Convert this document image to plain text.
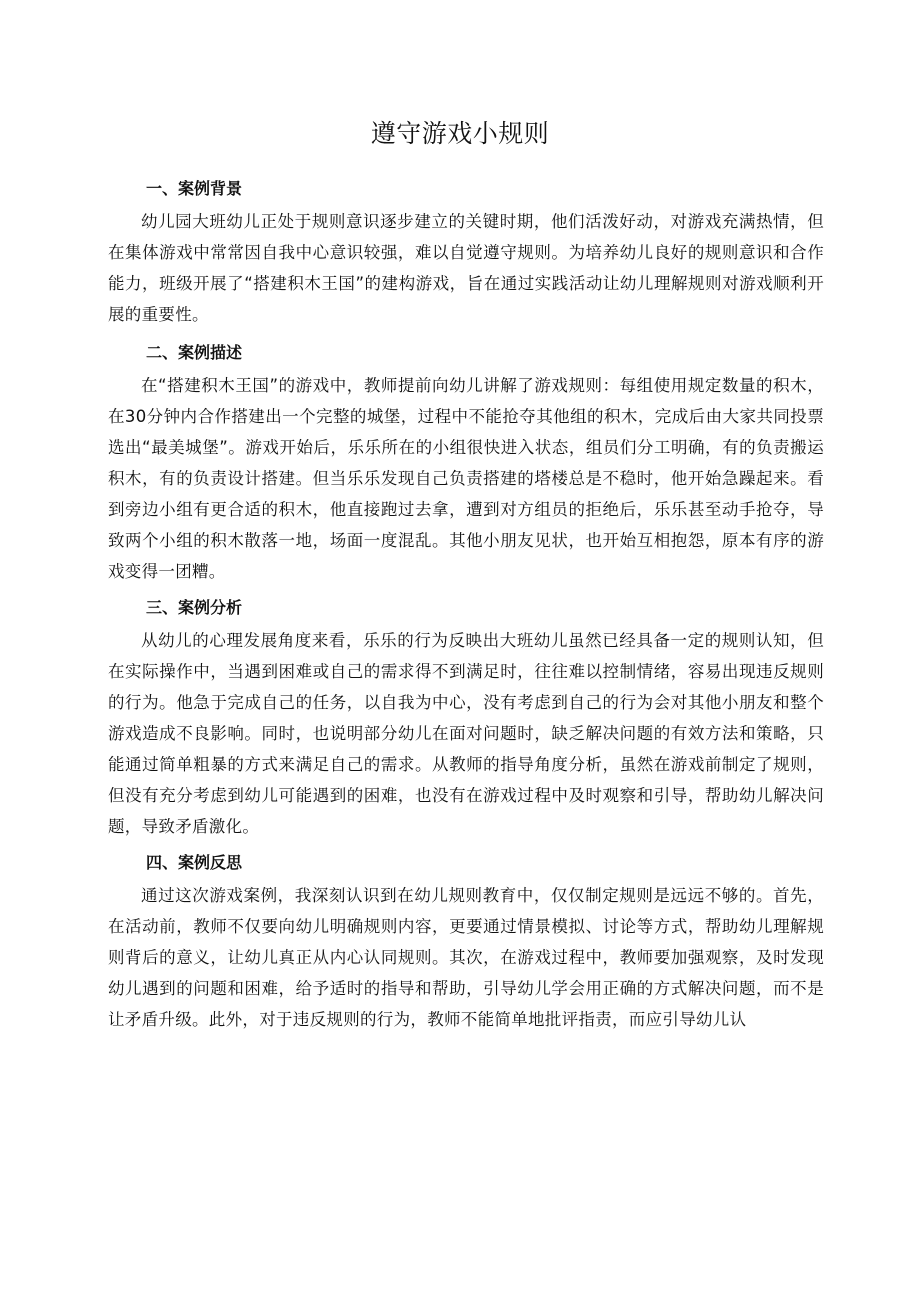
遵守游戏小规则
一、案例背景

幼儿园大班幼儿正处于规则意识逐步建立的关键时期，他们活泼好动，对游戏充满热情，但在集体游戏中常常因自我中心意识较强，难以自觉遵守规则。为培养幼儿良好的规则意识和合作能力，班级开展了“搭建积木王国”的建构游戏，旨在通过实践活动让幼儿理解规则对游戏顺利开展的重要性。

二、案例描述

在“搭建积木王国”的游戏中，教师提前向幼儿讲解了游戏规则：每组使用规定数量的积木，在30分钟内合作搭建出一个完整的城堡，过程中不能抢夺其他组的积木，完成后由大家共同投票选出“最美城堡”。游戏开始后，乐乐所在的小组很快进入状态，组员们分工明确，有的负责搬运积木，有的负责设计搭建。但当乐乐发现自己负责搭建的塔楼总是不稳时，他开始急躁起来。看到旁边小组有更合适的积木，他直接跑过去拿，遭到对方组员的拒绝后，乐乐甚至动手抢夺，导致两个小组的积木散落一地，场面一度混乱。其他小朋友见状，也开始互相抱怨，原本有序的游戏变得一团糟。

三、案例分析

从幼儿的心理发展角度来看，乐乐的行为反映出大班幼儿虽然已经具备一定的规则认知，但在实际操作中，当遇到困难或自己的需求得不到满足时，往往难以控制情绪，容易出现违反规则的行为。他急于完成自己的任务，以自我为中心，没有考虑到自己的行为会对其他小朋友和整个游戏造成不良影响。同时，也说明部分幼儿在面对问题时，缺乏解决问题的有效方法和策略，只能通过简单粗暴的方式来满足自己的需求。从教师的指导角度分析，虽然在游戏前制定了规则，但没有充分考虑到幼儿可能遇到的困难，也没有在游戏过程中及时观察和引导，帮助幼儿解决问题，导致矛盾激化。

四、案例反思

通过这次游戏案例，我深刻认识到在幼儿规则教育中，仅仅制定规则是远远不够的。首先，在活动前，教师不仅要向幼儿明确规则内容，更要通过情景模拟、讨论等方式，帮助幼儿理解规则背后的意义，让幼儿真正从内心认同规则。其次，在游戏过程中，教师要加强观察，及时发现幼儿遇到的问题和困难，给予适时的指导和帮助，引导幼儿学会用正确的方式解决问题，而不是让矛盾升级。此外，对于违反规则的行为，教师不能简单地批评指责，而应引导幼儿认
